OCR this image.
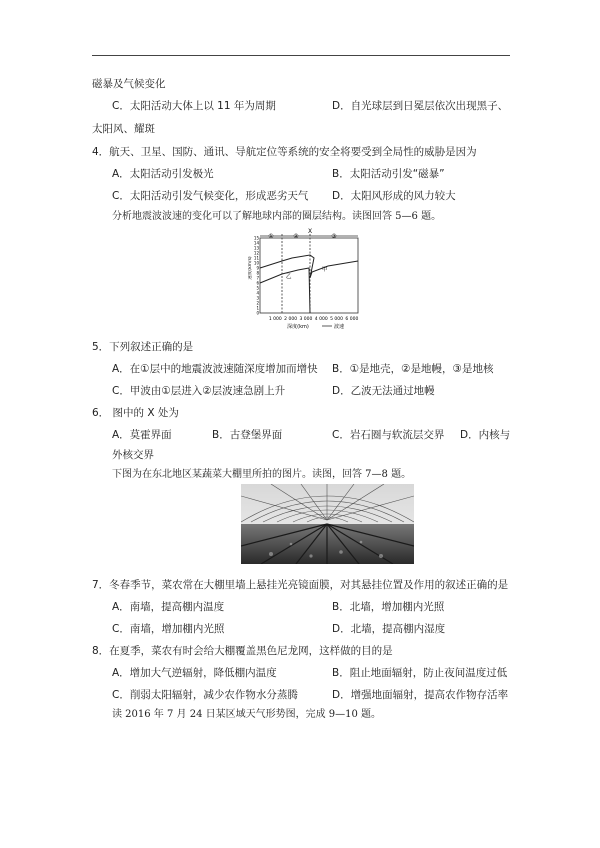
磁暴及气候变化
C．太阳活动大体上以 11 年为周期	D．自光球层到日冕层依次出现黑子、
太阳风、耀斑
4．航天、卫星、国防、通讯、导航定位等系统的安全将要受到全局性的威胁是因为
A．太阳活动引发极光	B．太阳活动引发“磁暴”
C．太阳活动引发气候变化，形成恶劣天气 D．太阳风形成的风力较大
分析地震波波速的变化可以了解地球内部的圈层结构。读图回答 5—6 题。
①	②	③
X
15
14
13
12
11
10
9
8
7
6
5
4
3
2
1
0
1 000 2 000 3 000 4 000 5 000 6 000
乙
甲
速度(km/s)
深度(km)	波速
5．下列叙述正确的是
A．在①层中的地震波波速随深度增加而增快 B．①是地壳，②是地幔，③是地核
C．甲波由①层进入②层波速急剧上升	D．乙波无法通过地幔
6． 图中的 X 处为
A．莫霍界面	B．古登堡界面	C．岩石圈与软流层交界 D．内核与
外核交界
下图为在东北地区某蔬菜大棚里所拍的图片。读图，回答 7—8 题。
7．冬春季节，菜农常在大棚里墙上悬挂光亮镜面膜，对其悬挂位置及作用的叙述正确的是
A．南墙，提高棚内温度	B．北墙，增加棚内光照
C．南墙，增加棚内光照	D．北墙，提高棚内湿度
8．在夏季，菜农有时会给大棚覆盖黑色尼龙网，这样做的目的是
A．增加大气逆辐射，降低棚内温度	B．阻止地面辐射，防止夜间温度过低
C．削弱太阳辐射，减少农作物水分蒸腾	D．增强地面辐射，提高农作物存活率
读 2016 年 7 月 24 日某区域天气形势图，完成 9—10 题。
